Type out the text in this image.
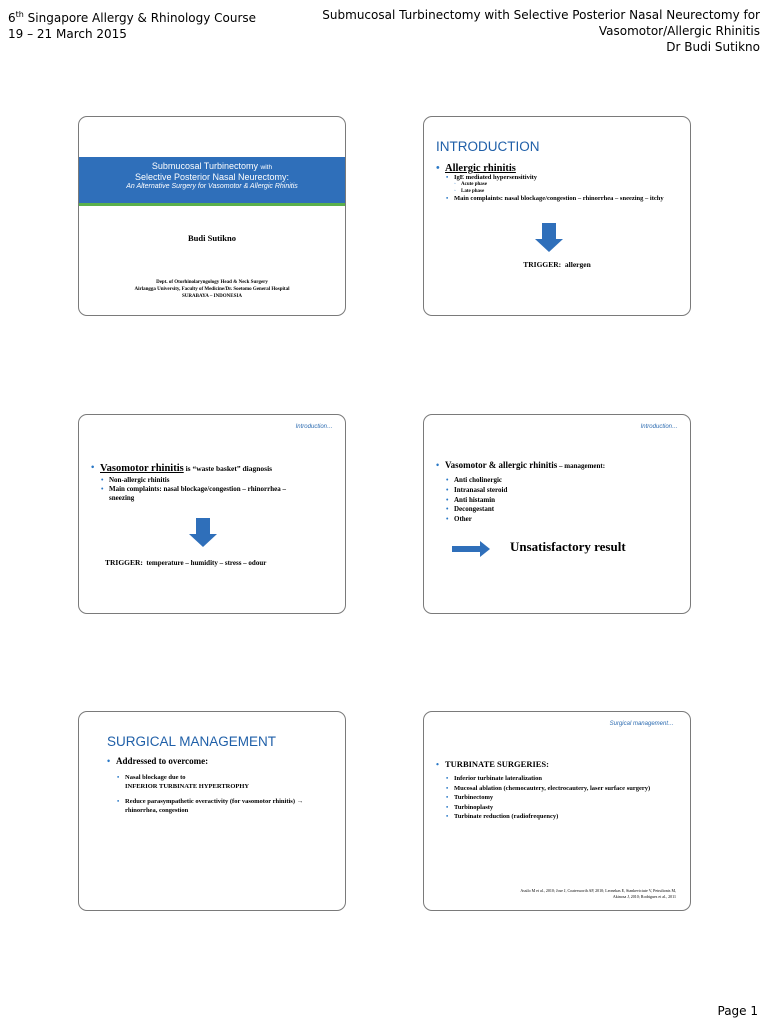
6th Singapore Allergy & Rhinology Course
19 – 21 March 2015
Submucosal Turbinectomy with Selective Posterior Nasal Neurectomy for
Vasomotor/Allergic Rhinitis
Dr Budi Sutikno
Submucosal Turbinectomy with
Selective Posterior Nasal Neurectomy:
An Alternative Surgery for Vasomotor & Allergic Rhinitis
Budi Sutikno
Dept. of Otorhinolaryngology Head & Neck Surgery
Airlangga University, Faculty of Medicine/Dr. Soetomo General Hospital
SURABAYA – INDONESIA
INTRODUCTION
• Allergic rhinitis
• IgE mediated hypersensitivity
◦ Acute phase
◦ Late phase
• Main complaints: nasal blockage/congestion – rhinorrhea – sneezing – itchy
TRIGGER: allergen
Introduction…
• Vasomotor rhinitis is “waste basket” diagnosis
• Non-allergic rhinitis
• Main complaints: nasal blockage/congestion – rhinorrhea – sneezing
TRIGGER: temperature – humidity – stress – odour
Introduction…
• Vasomotor & allergic rhinitis – management:
• Anti cholinergic
• Intranasal steroid
• Anti histamin
• Decongestant
• Other
Unsatisfactory result
SURGICAL MANAGEMENT
• Addressed to overcome:
• Nasal blockage due to
INFERIOR TURBINATE HYPERTROPHY
• Reduce parasympathetic overactivity (for vasomotor rhinitis) → rhinorrhea, congestion
Surgical management…
• TURBINATE SURGERIES:
• Inferior turbinate lateralization
• Mucosal ablation (chemocautery, electrocautery, laser surface surgery)
• Turbinectomy
• Turbinoplasty
• Turbinate reduction (radiofrequency)
Assilo M et al., 2010; Jose J, Coatesworth AP, 2010; Leonekas E, Stankeviciute V, Petrulionis M,
Akinosa J, 2010; Rodrigues et al., 2011
Page 1
